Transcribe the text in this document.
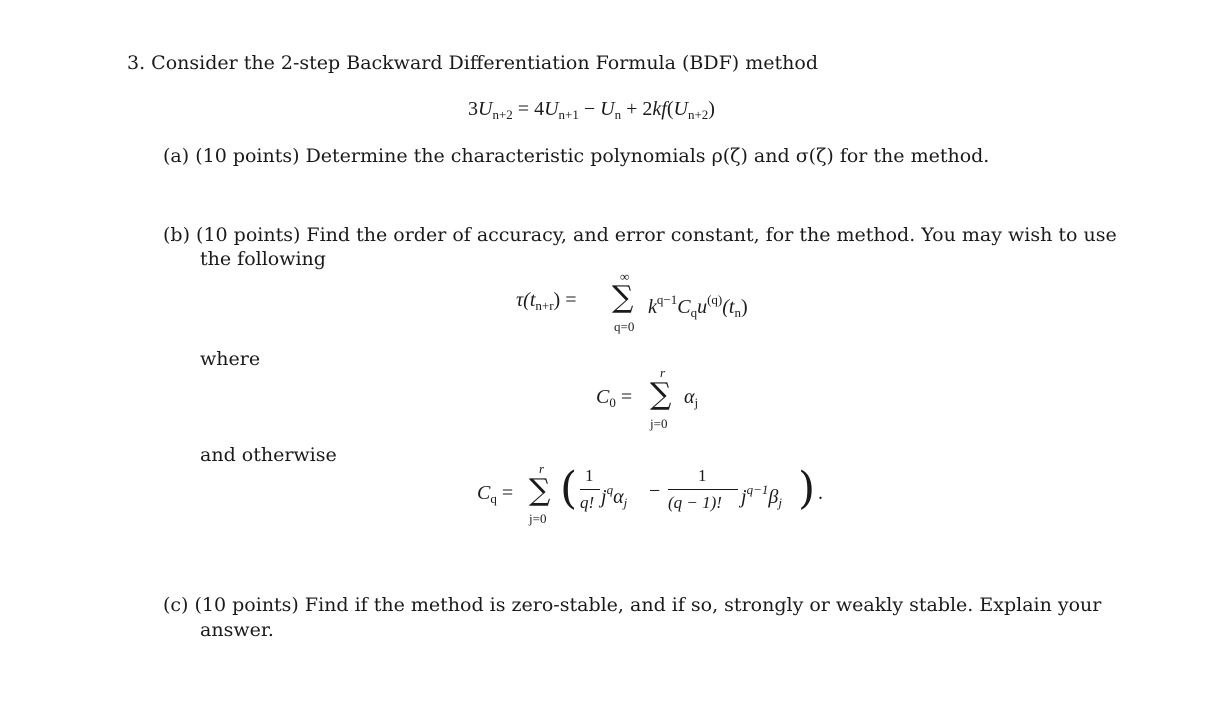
3. Consider the 2-step Backward Differentiation Formula (BDF) method
$3U_{n+2} = 4U_{n+1} - U_n + 2kf(U_{n+2})$
(a) (10 points) Determine the characteristic polynomials ρ(ζ) and σ(ζ) for the method.
(b) (10 points) Find the order of accuracy, and error constant, for the method. You may wish to use
the following
$\tau(t_{n+r})$ =
∞
∑
q=0
$k^{q-1}C_qu^{(q)}(t_n)$
where
$C_0$ =
r
∑
j=0
$\alpha_j$
and otherwise
$C_q$ =
r
∑
j=0
( 1
q! $j^q\alpha_j$
−
1
(q − 1)! $j^{q-1}\beta_j$ ) .
(c) (10 points) Find if the method is zero-stable, and if so, strongly or weakly stable. Explain your
answer.
